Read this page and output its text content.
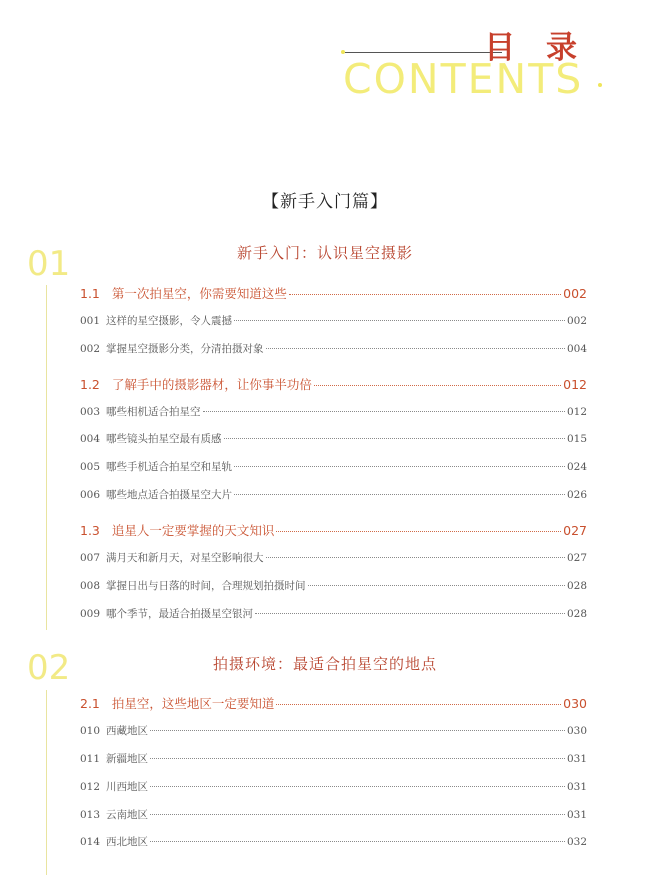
目 录
CONTENTS
【新手入门篇】
01	新手入门：认识星空摄影
1.1 第一次拍星空，你需要知道这些	002
001 这样的星空摄影，令人震撼	002
002 掌握星空摄影分类，分清拍摄对象	004
1.2 了解手中的摄影器材，让你事半功倍	012
003 哪些相机适合拍星空	012
004 哪些镜头拍星空最有质感	015
005 哪些手机适合拍星空和星轨	024
006 哪些地点适合拍摄星空大片	026
1.3 追星人一定要掌握的天文知识	027
007 满月天和新月天，对星空影响很大	027
008 掌握日出与日落的时间，合理规划拍摄时间	028
009 哪个季节，最适合拍摄星空银河	028
02	拍摄环境：最适合拍星空的地点
2.1 拍星空，这些地区一定要知道	030
010 西藏地区	030
011 新疆地区	031
012 川西地区	031
013 云南地区	031
014 西北地区	032
